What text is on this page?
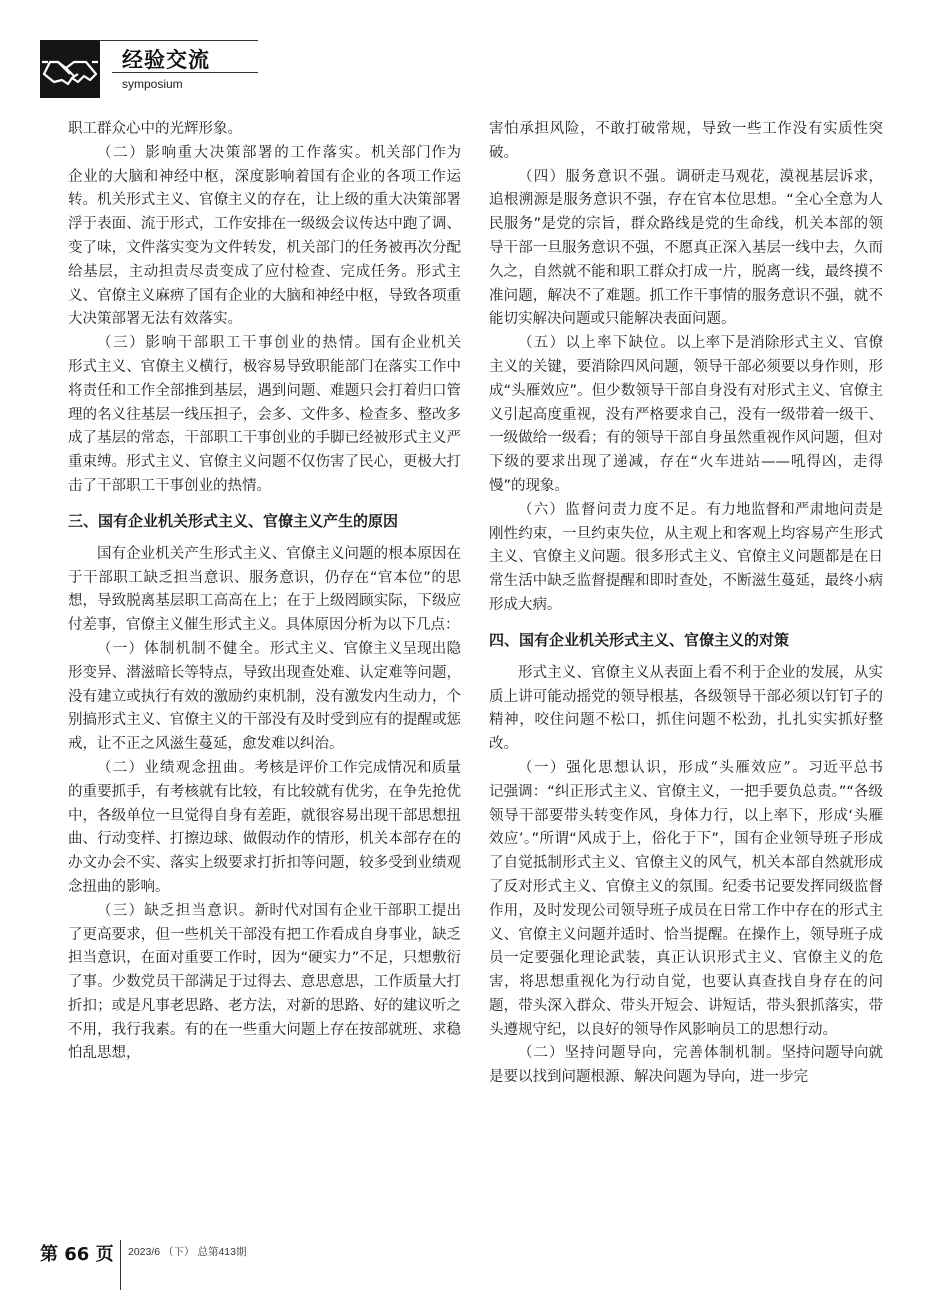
经验交流
symposium

职工群众心中的光辉形象。

（二）影响重大决策部署的工作落实。机关部门作为企业的大脑和神经中枢，深度影响着国有企业的各项工作运转。机关形式主义、官僚主义的存在，让上级的重大决策部署浮于表面、流于形式，工作安排在一级级会议传达中跑了调、变了味，文件落实变为文件转发，机关部门的任务被再次分配给基层，主动担责尽责变成了应付检查、完成任务。形式主义、官僚主义麻痹了国有企业的大脑和神经中枢，导致各项重大决策部署无法有效落实。

（三）影响干部职工干事创业的热情。国有企业机关形式主义、官僚主义横行，极容易导致职能部门在落实工作中将责任和工作全部推到基层，遇到问题、难题只会打着归口管理的名义往基层一线压担子，会多、文件多、检查多、整改多成了基层的常态，干部职工干事创业的手脚已经被形式主义严重束缚。形式主义、官僚主义问题不仅伤害了民心，更极大打击了干部职工干事创业的热情。

三、国有企业机关形式主义、官僚主义产生的原因

国有企业机关产生形式主义、官僚主义问题的根本原因在于干部职工缺乏担当意识、服务意识，仍存在“官本位”的思想，导致脱离基层职工高高在上；在于上级罔顾实际，下级应付差事，官僚主义催生形式主义。具体原因分析为以下几点：

（一）体制机制不健全。形式主义、官僚主义呈现出隐形变异、潜滋暗长等特点，导致出现查处难、认定难等问题，没有建立或执行有效的激励约束机制，没有激发内生动力，个别搞形式主义、官僚主义的干部没有及时受到应有的提醒或惩戒，让不正之风滋生蔓延，愈发难以纠治。

（二）业绩观念扭曲。考核是评价工作完成情况和质量的重要抓手，有考核就有比较，有比较就有优劣，在争先抢优中，各级单位一旦觉得自身有差距，就很容易出现干部思想扭曲、行动变样、打擦边球、做假动作的情形，机关本部存在的办文办会不实、落实上级要求打折扣等问题，较多受到业绩观念扭曲的影响。

（三）缺乏担当意识。新时代对国有企业干部职工提出了更高要求，但一些机关干部没有把工作看成自身事业，缺乏担当意识，在面对重要工作时，因为“硬实力”不足，只想敷衍了事。少数党员干部满足于过得去、意思意思，工作质量大打折扣；或是凡事老思路、老方法，对新的思路、好的建议听之不用，我行我素。有的在一些重大问题上存在按部就班、求稳怕乱思想，

害怕承担风险，不敢打破常规，导致一些工作没有实质性突破。

（四）服务意识不强。调研走马观花，漠视基层诉求，追根溯源是服务意识不强，存在官本位思想。“全心全意为人民服务”是党的宗旨，群众路线是党的生命线，机关本部的领导干部一旦服务意识不强，不愿真正深入基层一线中去，久而久之，自然就不能和职工群众打成一片，脱离一线，最终摸不准问题，解决不了难题。抓工作干事情的服务意识不强，就不能切实解决问题或只能解决表面问题。

（五）以上率下缺位。以上率下是消除形式主义、官僚主义的关键，要消除四风问题，领导干部必须要以身作则，形成“头雁效应”。但少数领导干部自身没有对形式主义、官僚主义引起高度重视，没有严格要求自己，没有一级带着一级干、一级做给一级看；有的领导干部自身虽然重视作风问题，但对下级的要求出现了递减，存在“火车进站——吼得凶，走得慢”的现象。

（六）监督问责力度不足。有力地监督和严肃地问责是刚性约束，一旦约束失位，从主观上和客观上均容易产生形式主义、官僚主义问题。很多形式主义、官僚主义问题都是在日常生活中缺乏监督提醒和即时查处，不断滋生蔓延，最终小病形成大病。

四、国有企业机关形式主义、官僚主义的对策

形式主义、官僚主义从表面上看不利于企业的发展，从实质上讲可能动摇党的领导根基，各级领导干部必须以钉钉子的精神，咬住问题不松口，抓住问题不松劲，扎扎实实抓好整改。

（一）强化思想认识，形成“头雁效应”。习近平总书记强调：“纠正形式主义、官僚主义，一把手要负总责。”“各级领导干部要带头转变作风，身体力行，以上率下，形成‘头雁效应’。”所谓“风成于上，俗化于下”，国有企业领导班子形成了自觉抵制形式主义、官僚主义的风气，机关本部自然就形成了反对形式主义、官僚主义的氛围。纪委书记要发挥同级监督作用，及时发现公司领导班子成员在日常工作中存在的形式主义、官僚主义问题并适时、恰当提醒。在操作上，领导班子成员一定要强化理论武装，真正认识形式主义、官僚主义的危害，将思想重视化为行动自觉，也要认真查找自身存在的问题，带头深入群众、带头开短会、讲短话，带头狠抓落实，带头遵规守纪，以良好的领导作风影响员工的思想行动。

（二）坚持问题导向，完善体制机制。坚持问题导向就是要以找到问题根源、解决问题为导向，进一步完

第 66 页 2023/6 （下） 总第413期
